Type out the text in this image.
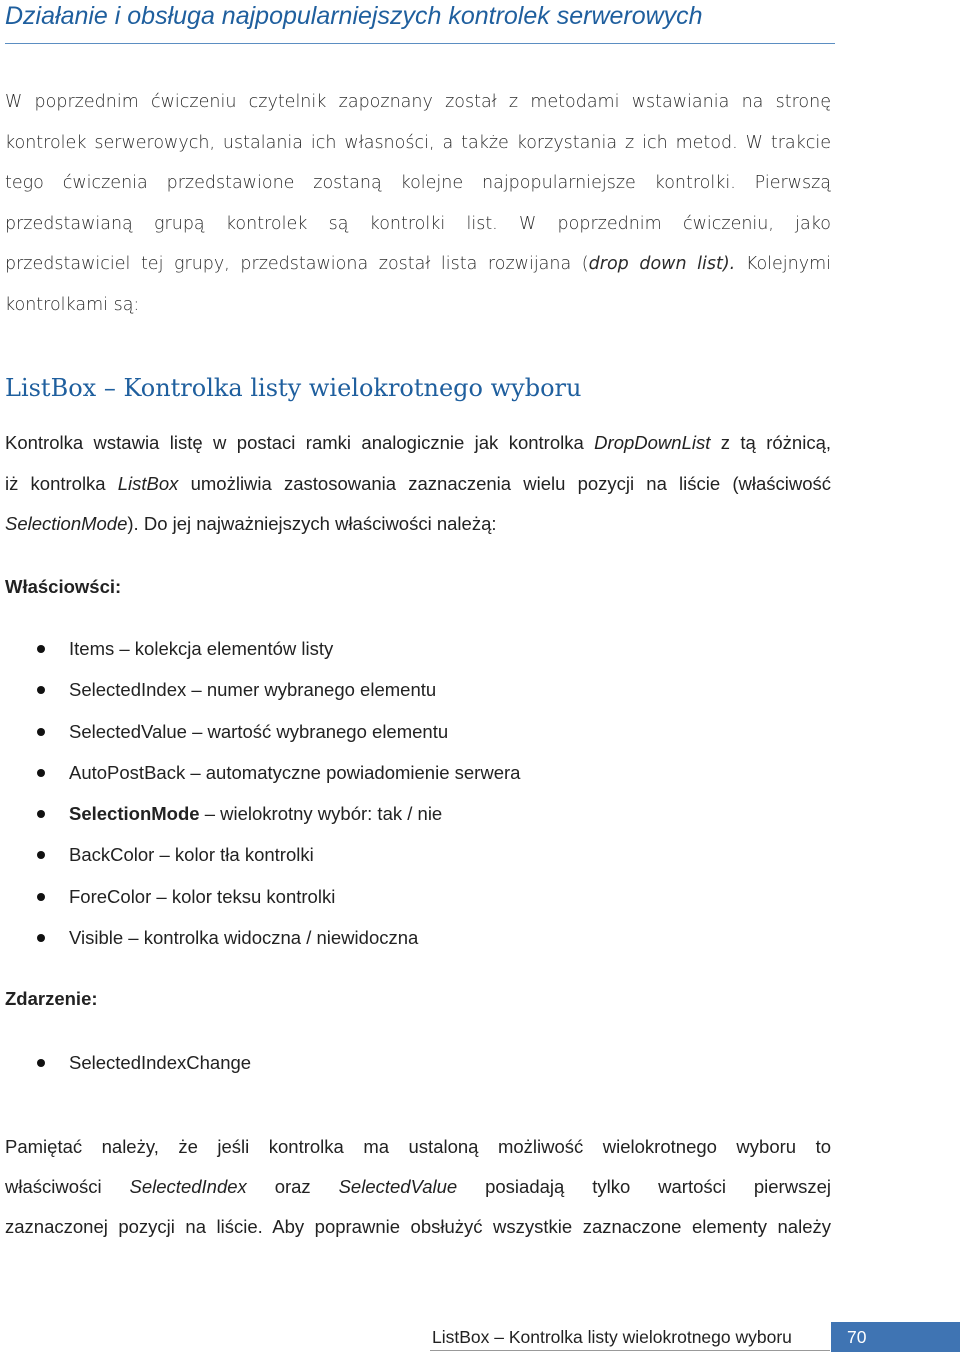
Działanie i obsługa najpopularniejszych kontrolek serwerowych
W poprzednim ćwiczeniu czytelnik zapoznany został z metodami wstawiania na stronę
kontrolek serwerowych, ustalania ich własności, a także korzystania z ich metod. W trakcie
tego ćwiczenia przedstawione zostaną kolejne najpopularniejsze kontrolki. Pierwszą
przedstawianą grupą kontrolek są kontrolki list. W poprzednim ćwiczeniu, jako
przedstawiciel tej grupy, przedstawiona został lista rozwijana (drop down list). Kolejnymi
kontrolkami są:
ListBox – Kontrolka listy wielokrotnego wyboru
Kontrolka wstawia listę w postaci ramki analogicznie jak kontrolka DropDownList z tą różnicą,
iż kontrolka ListBox umożliwia zastosowania zaznaczenia wielu pozycji na liście (właściwość
SelectionMode). Do jej najważniejszych właściwości należą:
Właściowści:
Items – kolekcja elementów listy
SelectedIndex – numer wybranego elementu
SelectedValue – wartość wybranego elementu
AutoPostBack – automatyczne powiadomienie serwera
SelectionMode – wielokrotny wybór: tak / nie
BackColor – kolor tła kontrolki
ForeColor – kolor teksu kontrolki
Visible – kontrolka widoczna / niewidoczna
Zdarzenie:
SelectedIndexChange
Pamiętać należy, że jeśli kontrolka ma ustaloną możliwość wielokrotnego wyboru to
właściwości SelectedIndex oraz SelectedValue posiadają tylko wartości pierwszej
zaznaczonej pozycji na liście. Aby poprawnie obsłużyć wszystkie zaznaczone elementy należy
ListBox – Kontrolka listy wielokrotnego wyboru	70
